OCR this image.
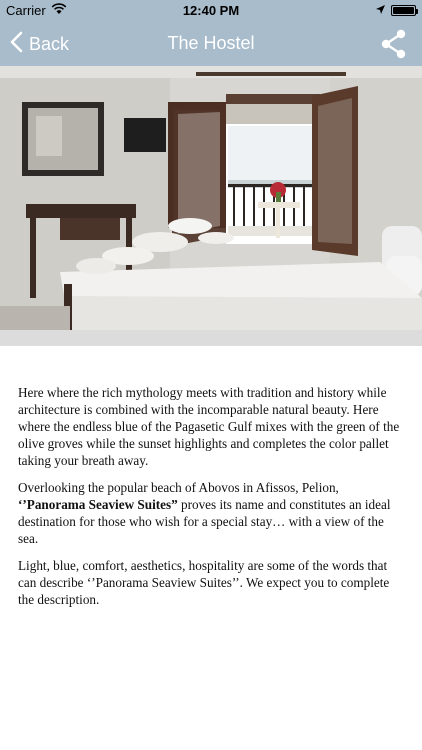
Carrier	12:40 PM
Back	The Hostel

Here where the rich mythology meets with tradition and history while architecture is combined with the incomparable natural beauty. Here where the endless blue of the Pagasetic Gulf mixes with the green of the olive groves while the sunset highlights and completes the color pallet taking your breath away.

Overlooking the popular beach of Abovos in Afissos, Pelion, ‘’Panorama Seaview Suites” proves its name and constitutes an ideal destination for those who wish for a special stay… with a view of the sea.

Light, blue, comfort, aesthetics, hospitality are some of the words that can describe ‘’Panorama Seaview Suites’’. We expect you to complete the description.
